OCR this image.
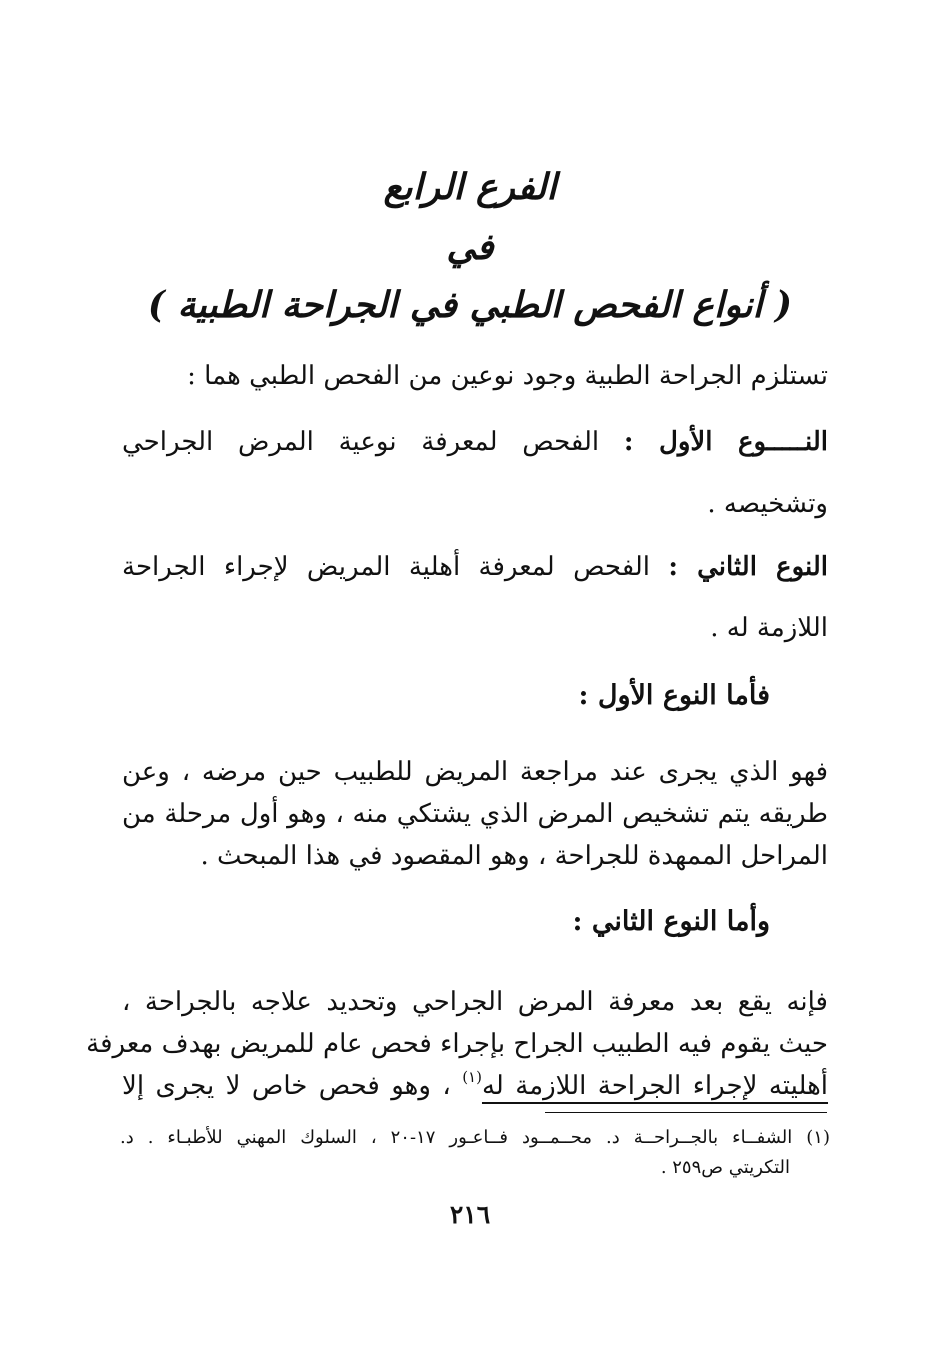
الفرع الرابع
في
( أنواع الفحص الطبي في الجراحة الطبية )

تستلزم الجراحة الطبية وجود نوعين من الفحص الطبي هما :

النـــــوع الأول : الفحص لمعرفة نوعية المرض الجراحي

وتشخيصه .

النوع الثاني : الفحص لمعرفة أهلية المريض لإجراء الجراحة

اللازمة له .

فأما النوع الأول :

فهو الذي يجرى عند مراجعة المريض للطبيب حين مرضه ، وعن

طريقه يتم تشخيص المرض الذي يشتكي منه ، وهو أول مرحلة من

المراحل الممهدة للجراحة ، وهو المقصود في هذا المبحث .

وأما النوع الثاني :

فإنه يقع بعد معرفة المرض الجراحي وتحديد علاجه بالجراحة ،

حيث يقوم فيه الطبيب الجراح بإجراء فحص عام للمريض بهدف معرفة

أهليته لإجراء الجراحة اللازمة له$^{(١)}$ ، وهو فحص خاص لا يجرى إلا

(١) الشفــاء بالجــراحــة د. محــمــود فــاعـور ١٧-٢٠ ، السلوك المهني للأطبـاء . د.
التكريتي ص٢٥٩ .
٢١٦
